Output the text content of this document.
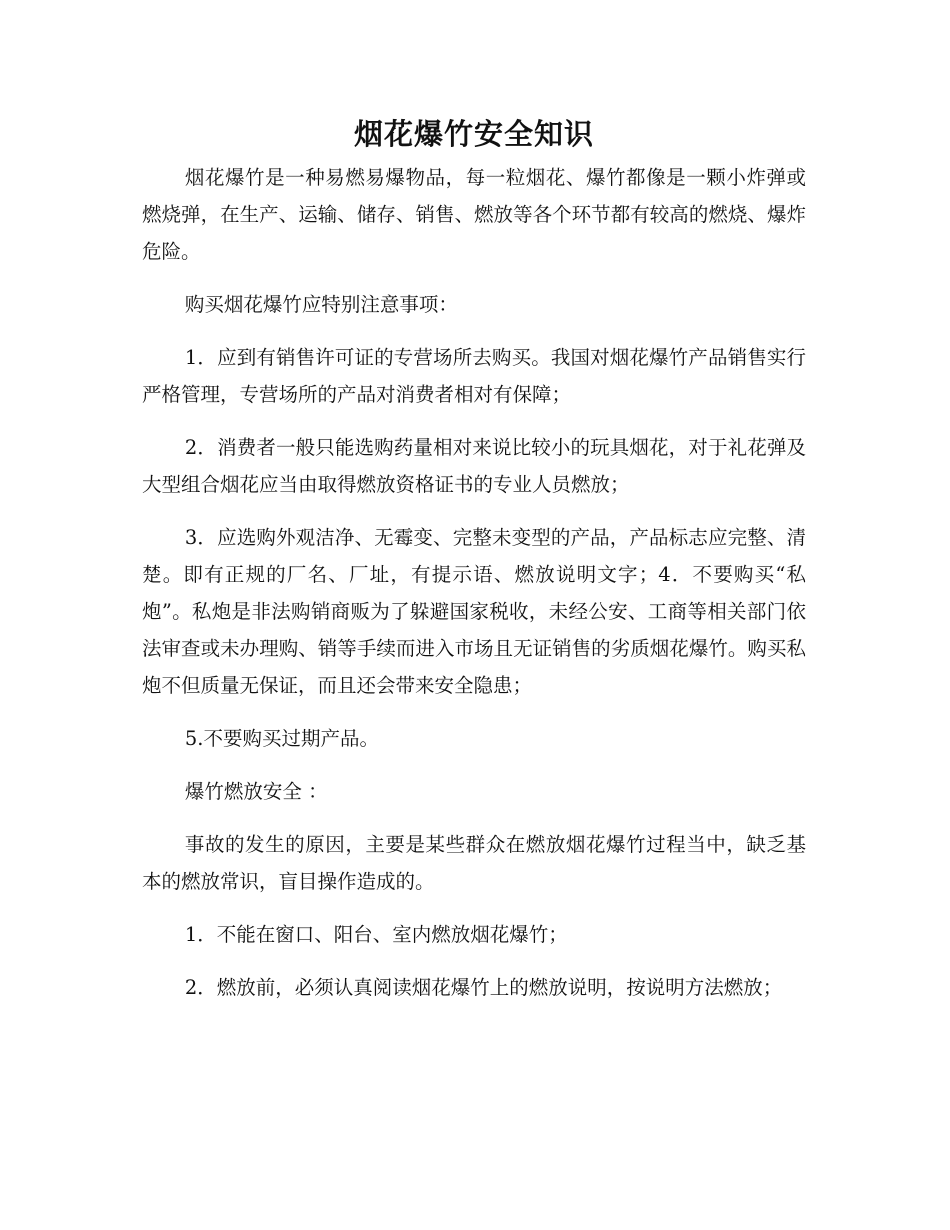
烟花爆竹安全知识

烟花爆竹是一种易燃易爆物品，每一粒烟花、爆竹都像是一颗小炸弹或燃烧弹，在生产、运输、储存、销售、燃放等各个环节都有较高的燃烧、爆炸危险。

购买烟花爆竹应特别注意事项：

1．应到有销售许可证的专营场所去购买。我国对烟花爆竹产品销售实行严格管理，专营场所的产品对消费者相对有保障；

2．消费者一般只能选购药量相对来说比较小的玩具烟花，对于礼花弹及大型组合烟花应当由取得燃放资格证书的专业人员燃放；

3．应选购外观洁净、无霉变、完整未变型的产品，产品标志应完整、清楚。即有正规的厂名、厂址，有提示语、燃放说明文字；4．不要购买“私炮”。私炮是非法购销商贩为了躲避国家税收，未经公安、工商等相关部门依法审查或未办理购、销等手续而进入市场且无证销售的劣质烟花爆竹。购买私炮不但质量无保证，而且还会带来安全隐患；

5.不要购买过期产品。

爆竹燃放安全 ：

事故的发生的原因，主要是某些群众在燃放烟花爆竹过程当中，缺乏基本的燃放常识，盲目操作造成的。

1．不能在窗口、阳台、室内燃放烟花爆竹；

2．燃放前，必须认真阅读烟花爆竹上的燃放说明，按说明方法燃放；
